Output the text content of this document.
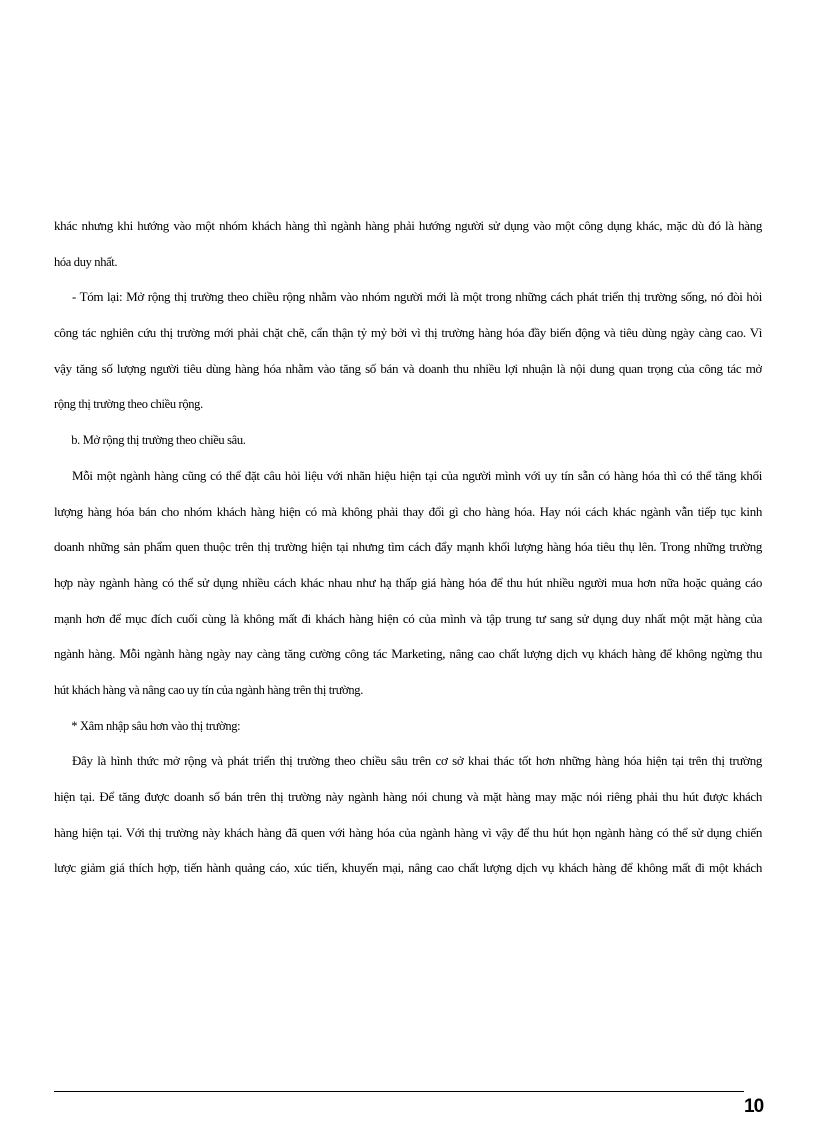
khác nhưng khi hướng vào một nhóm khách hàng thì ngành hàng phải hướng người sử dụng vào một công dụng khác, mặc dù đó là hàng
hóa duy nhất.
- Tóm lại: Mở rộng thị trường theo chiều rộng nhằm vào nhóm người mới là một trong những cách phát triển thị trường sống, nó đòi hỏi
công tác nghiên cứu thị trường mới phải chặt chẽ, cẩn thận tỷ mỷ bởi vì thị trường hàng hóa đầy biến động và tiêu dùng ngày càng cao. Vì
vậy tăng số lượng người tiêu dùng hàng hóa nhằm vào tăng số bán và doanh thu nhiều lợi nhuận là nội dung quan trọng của công tác mở
rộng thị trường theo chiều rộng.
b. Mở rộng thị trường theo chiều sâu.
Mỗi một ngành hàng cũng có thể đặt câu hỏi liệu với nhãn hiệu hiện tại của người mình với uy tín sẵn có hàng hóa thì có thể tăng khối
lượng hàng hóa bán cho nhóm khách hàng hiện có mà không phải thay đổi gì cho hàng hóa. Hay nói cách khác ngành vẫn tiếp tục kinh
doanh những sản phẩm quen thuộc trên thị trường hiện tại nhưng tìm cách đẩy mạnh khối lượng hàng hóa tiêu thụ lên. Trong những trường
hợp này ngành hàng có thể sử dụng nhiều cách khác nhau như hạ thấp giá hàng hóa để thu hút nhiều người mua hơn nữa hoặc quảng cáo
mạnh hơn để mục đích cuối cùng là không mất đi khách hàng hiện có của mình và tập trung tư sang sử dụng duy nhất một mặt hàng của
ngành hàng. Mỗi ngành hàng ngày nay càng tăng cường công tác Marketing, nâng cao chất lượng dịch vụ khách hàng để không ngừng thu
hút khách hàng và nâng cao uy tín của ngành hàng trên thị trường.
* Xâm nhập sâu hơn vào thị trường:
Đây là hình thức mở rộng và phát triển thị trường theo chiều sâu trên cơ sở khai thác tốt hơn những hàng hóa hiện tại trên thị trường
hiện tại. Để tăng được doanh số bán trên thị trường này ngành hàng nói chung và mặt hàng may mặc nói riêng phải thu hút được khách
hàng hiện tại. Với thị trường này khách hàng đã quen với hàng hóa của ngành hàng vì vậy để thu hút họn ngành hàng có thể sử dụng chiến
lược giảm giá thích hợp, tiến hành quảng cáo, xúc tiến, khuyến mại, nâng cao chất lượng dịch vụ khách hàng để không mất đi một khách
10
